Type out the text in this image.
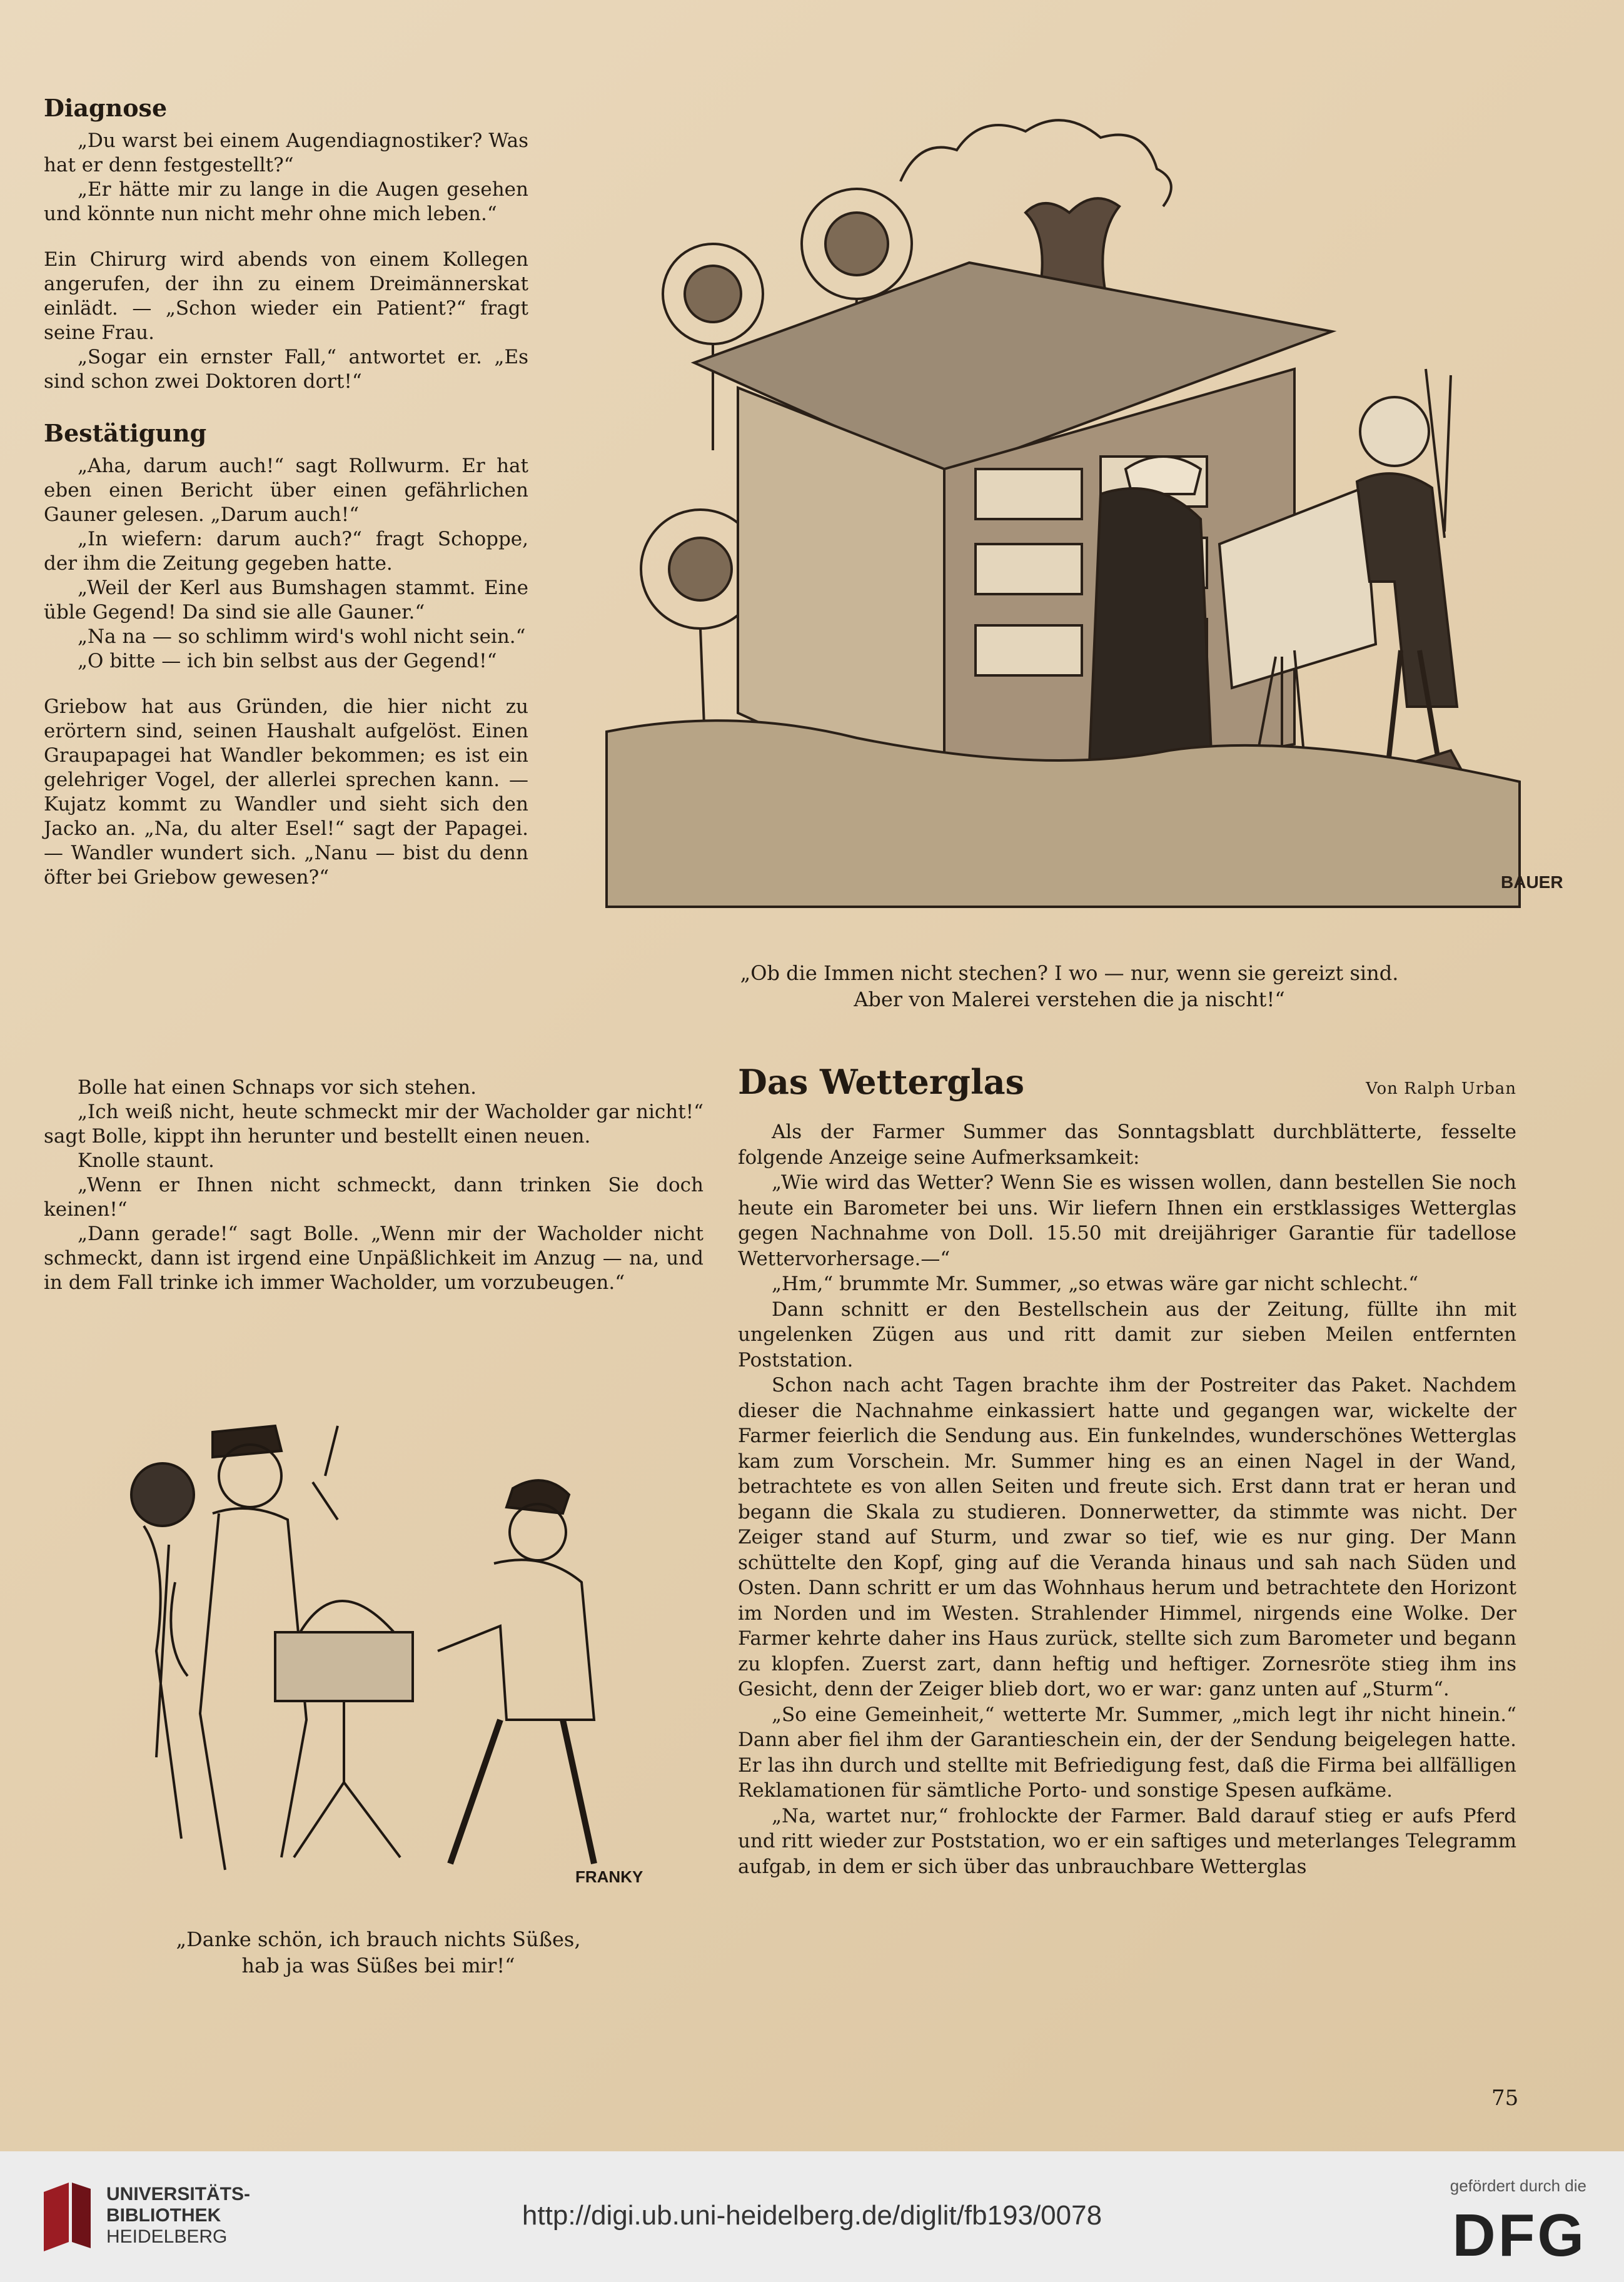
Diagnose

„Du warst bei einem Augendiagnostiker? Was hat er denn festgestellt?“

„Er hätte mir zu lange in die Augen gesehen und könnte nun nicht mehr ohne mich leben.“

Ein Chirurg wird abends von einem Kollegen angerufen, der ihn zu einem Dreimännerskat einlädt. — „Schon wieder ein Patient?“ fragt seine Frau.

„Sogar ein ernster Fall,“ antwortet er. „Es sind schon zwei Doktoren dort!“

Bestätigung

„Aha, darum auch!“ sagt Rollwurm. Er hat eben einen Bericht über einen gefährlichen Gauner gelesen. „Darum auch!“

„In wiefern: darum auch?“ fragt Schoppe, der ihm die Zeitung gegeben hatte.

„Weil der Kerl aus Bumshagen stammt. Eine üble Gegend! Da sind sie alle Gauner.“

„Na na — so schlimm wird's wohl nicht sein.“

„O bitte — ich bin selbst aus der Gegend!“

Griebow hat aus Gründen, die hier nicht zu erörtern sind, seinen Haushalt aufgelöst. Einen Graupapagei hat Wandler bekommen; es ist ein gelehriger Vogel, der allerlei sprechen kann. — Kujatz kommt zu Wandler und sieht sich den Jacko an. „Na, du alter Esel!“ sagt der Papagei. — Wandler wundert sich. „Nanu — bist du denn öfter bei Griebow gewesen?“	BAUER
„Ob die Immen nicht stechen? I wo — nur, wenn sie gereizt sind.
Aber von Malerei verstehen die ja nischt!“

Bolle hat einen Schnaps vor sich stehen.

„Ich weiß nicht, heute schmeckt mir der Wacholder gar nicht!“ sagt Bolle, kippt ihn herunter und bestellt einen neuen.

Knolle staunt.

„Wenn er Ihnen nicht schmeckt, dann trinken Sie doch keinen!“

„Dann gerade!“ sagt Bolle. „Wenn mir der Wacholder nicht schmeckt, dann ist irgend eine Unpäßlichkeit im Anzug — na, und in dem Fall trinke ich immer Wacholder, um vorzubeugen.“

FRANKY
„Danke schön, ich brauch nichts Süßes,
hab ja was Süßes bei mir!“
Das Wetterglas	Von Ralph Urban

Als der Farmer Summer das Sonntagsblatt durchblätterte, fesselte folgende Anzeige seine Aufmerksamkeit:

„Wie wird das Wetter? Wenn Sie es wissen wollen, dann bestellen Sie noch heute ein Barometer bei uns. Wir liefern Ihnen ein erstklassiges Wetterglas gegen Nachnahme von Doll. 15.50 mit dreijähriger Garantie für tadellose Wettervorhersage.—“

„Hm,“ brummte Mr. Summer, „so etwas wäre gar nicht schlecht.“

Dann schnitt er den Bestellschein aus der Zeitung, füllte ihn mit ungelenken Zügen aus und ritt damit zur sieben Meilen entfernten Poststation.

Schon nach acht Tagen brachte ihm der Postreiter das Paket. Nachdem dieser die Nachnahme einkassiert hatte und gegangen war, wickelte der Farmer feierlich die Sendung aus. Ein funkelndes, wunderschönes Wetterglas kam zum Vorschein. Mr. Summer hing es an einen Nagel in der Wand, betrachtete es von allen Seiten und freute sich. Erst dann trat er heran und begann die Skala zu studieren. Donnerwetter, da stimmte was nicht. Der Zeiger stand auf Sturm, und zwar so tief, wie es nur ging. Der Mann schüttelte den Kopf, ging auf die Veranda hinaus und sah nach Süden und Osten. Dann schritt er um das Wohnhaus herum und betrachtete den Horizont im Norden und im Westen. Strahlender Himmel, nirgends eine Wolke. Der Farmer kehrte daher ins Haus zurück, stellte sich zum Barometer und begann zu klopfen. Zuerst zart, dann heftig und heftiger. Zornesröte stieg ihm ins Gesicht, denn der Zeiger blieb dort, wo er war: ganz unten auf „Sturm“.

„So eine Gemeinheit,“ wetterte Mr. Summer, „mich legt ihr nicht hinein.“ Dann aber fiel ihm der Garantieschein ein, der der Sendung beigelegen hatte. Er las ihn durch und stellte mit Befriedigung fest, daß die Firma bei allfälligen Reklamationen für sämtliche Porto- und sonstige Spesen aufkäme.

„Na, wartet nur,“ frohlockte der Farmer. Bald darauf stieg er aufs Pferd und ritt wieder zur Poststation, wo er ein saftiges und meterlanges Telegramm aufgab, in dem er sich über das unbrauchbare Wetterglas

75
UNIVERSITÄTS-
BIBLIOTHEK
HEIDELBERG
http://digi.ub.uni-heidelberg.de/diglit/fb193/0078
gefördert durch die
DFG
